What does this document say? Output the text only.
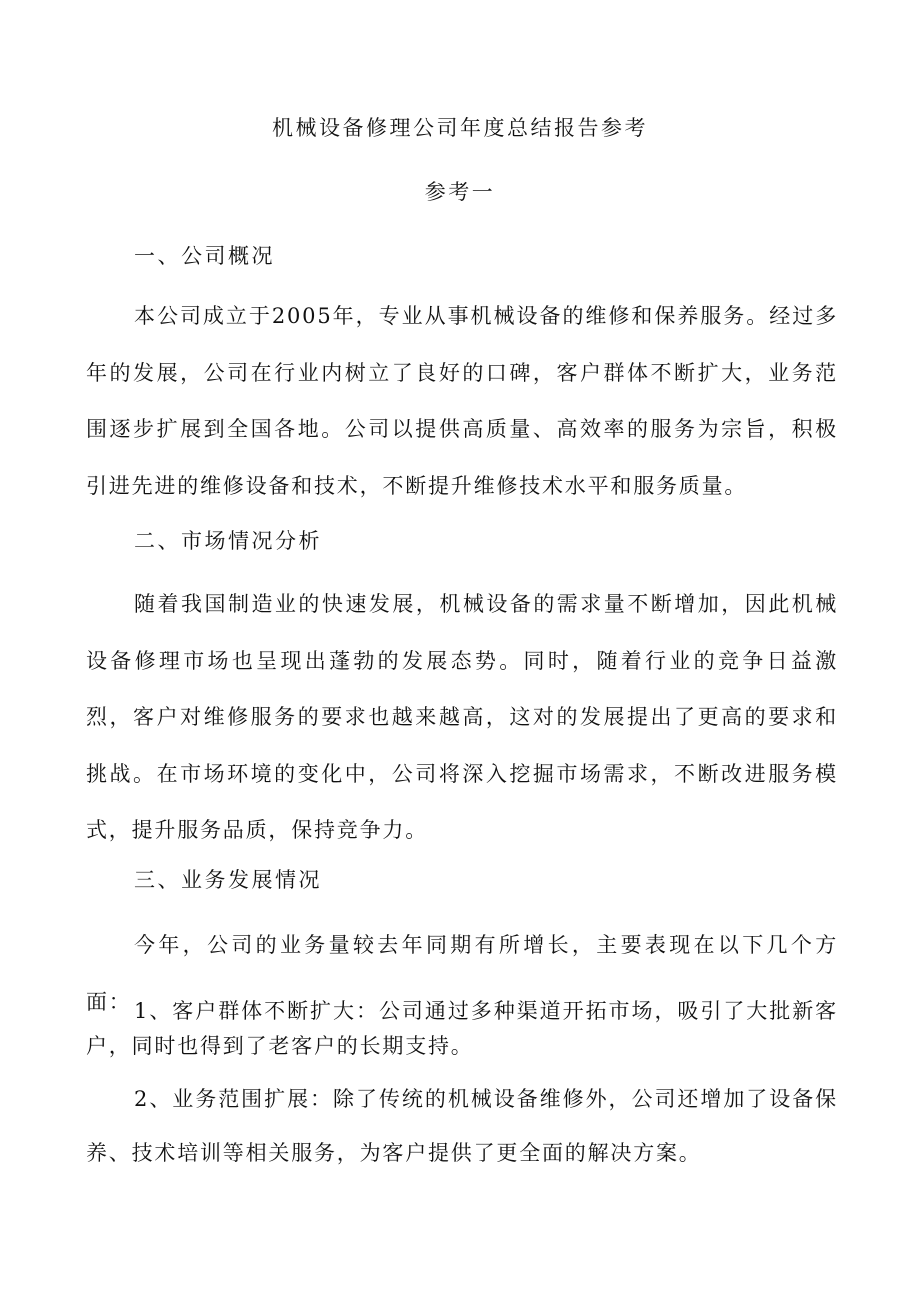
机械设备修理公司年度总结报告参考
参考一
一、公司概况

本公司成立于2005年，专业从事机械设备的维修和保养服务。经过多年的发展，公司在行业内树立了良好的口碑，客户群体不断扩大，业务范围逐步扩展到全国各地。公司以提供高质量、高效率的服务为宗旨，积极引进先进的维修设备和技术，不断提升维修技术水平和服务质量。

二、市场情况分析

随着我国制造业的快速发展，机械设备的需求量不断增加，因此机械设备修理市场也呈现出蓬勃的发展态势。同时，随着行业的竞争日益激烈，客户对维修服务的要求也越来越高，这对的发展提出了更高的要求和挑战。在市场环境的变化中，公司将深入挖掘市场需求，不断改进服务模式，提升服务品质，保持竞争力。

三、业务发展情况

今年，公司的业务量较去年同期有所增长，主要表现在以下几个方面： 1、客户群体不断扩大：公司通过多种渠道开拓市场，吸引了大批新客户，同时也得到了老客户的长期支持。

2、业务范围扩展：除了传统的机械设备维修外，公司还增加了设备保养、技术培训等相关服务，为客户提供了更全面的解决方案。
